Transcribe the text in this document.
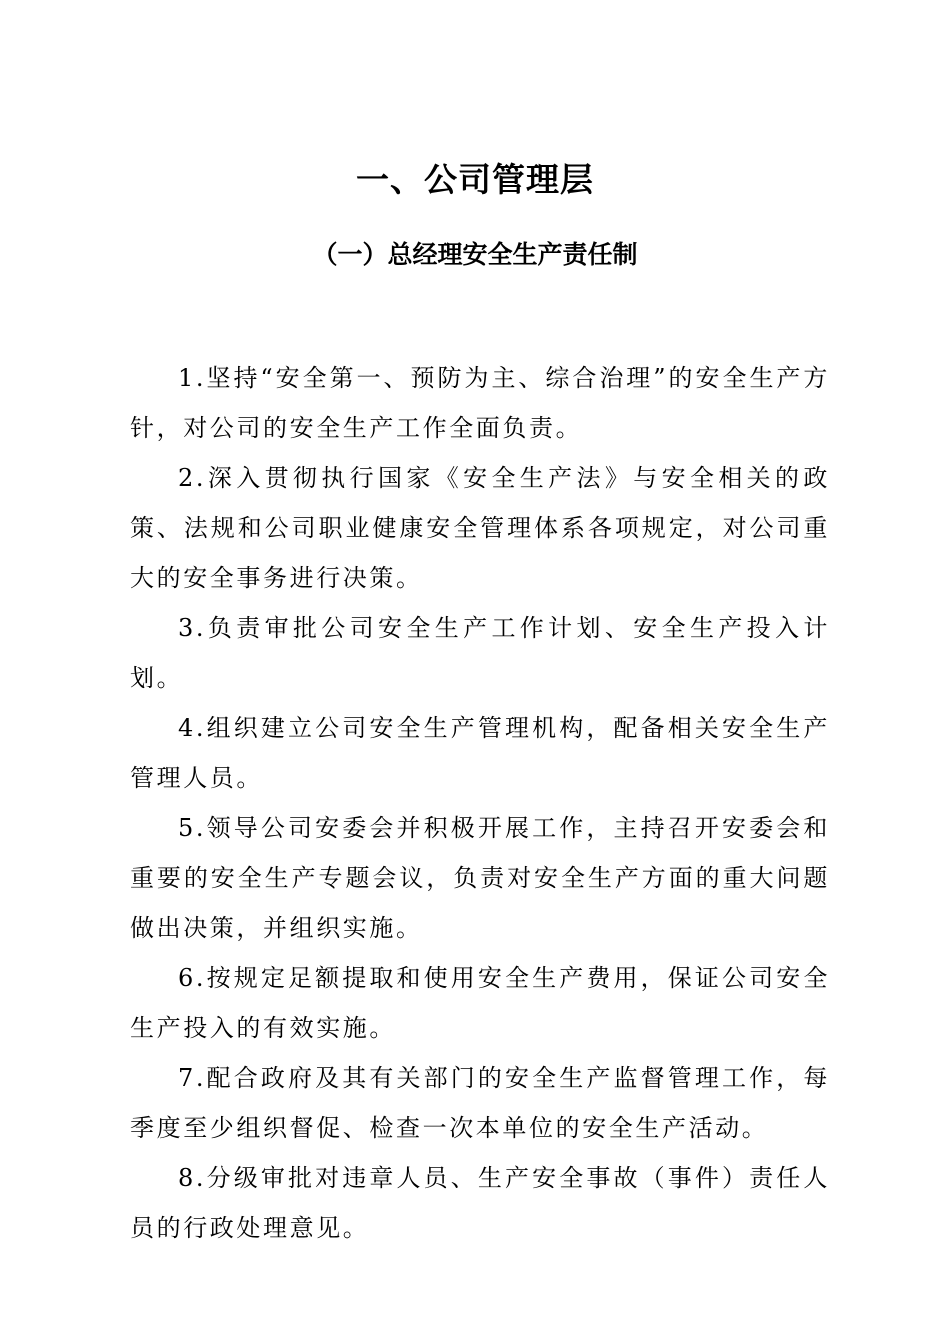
一、公司管理层
（一）总经理安全生产责任制

1.坚持“安全第一、预防为主、综合治理”的安全生产方针，对公司的安全生产工作全面负责。

2.深入贯彻执行国家《安全生产法》与安全相关的政策、法规和公司职业健康安全管理体系各项规定，对公司重大的安全事务进行决策。

3.负责审批公司安全生产工作计划、安全生产投入计划。

4.组织建立公司安全生产管理机构，配备相关安全生产管理人员。

5.领导公司安委会并积极开展工作，主持召开安委会和重要的安全生产专题会议，负责对安全生产方面的重大问题做出决策，并组织实施。

6.按规定足额提取和使用安全生产费用，保证公司安全生产投入的有效实施。

7.配合政府及其有关部门的安全生产监督管理工作，每季度至少组织督促、检查一次本单位的安全生产活动。

8.分级审批对违章人员、生产安全事故（事件）责任人员的行政处理意见。
